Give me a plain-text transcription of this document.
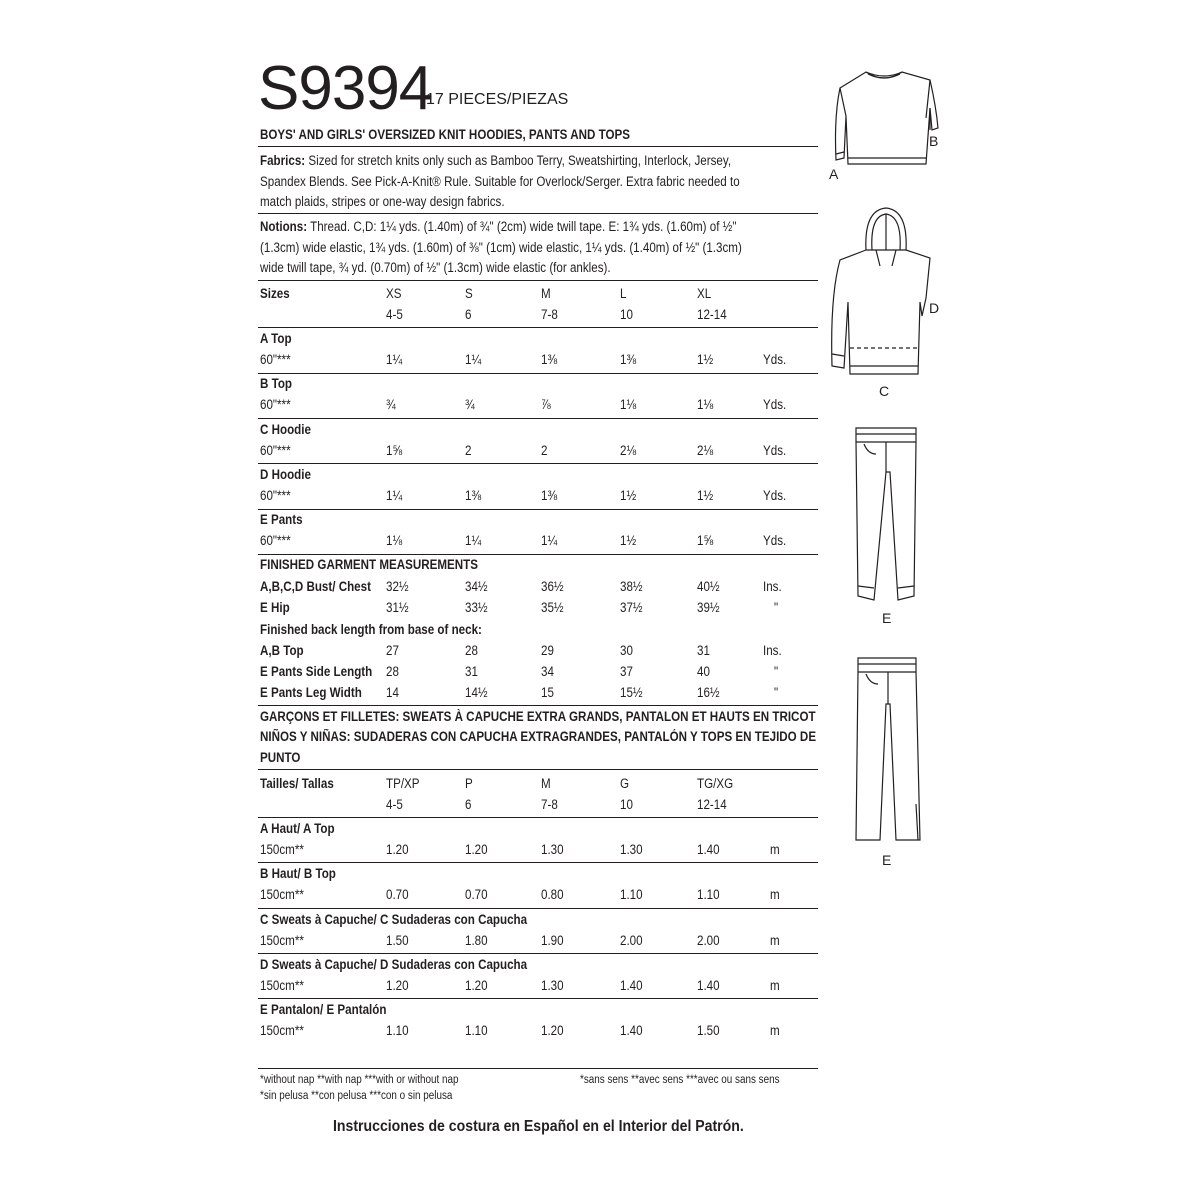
S9394
17 PIECES/PIEZAS
BOYS' AND GIRLS' OVERSIZED KNIT HOODIES, PANTS AND TOPS
Fabrics: Sized for stretch knits only such as Bamboo Terry, Sweatshirting, Interlock, Jersey,
Spandex Blends. See Pick-A-Knit® Rule. Suitable for Overlock/Serger. Extra fabric needed to
match plaids, stripes or one-way design fabrics.
Notions: Thread. C,D: 1¼ yds. (1.40m) of ¾" (2cm) wide twill tape. E: 1¾ yds. (1.60m) of ½"
(1.3cm) wide elastic, 1¾ yds. (1.60m) of ⅜" (1cm) wide elastic, 1¼ yds. (1.40m) of ½" (1.3cm)
wide twill tape, ¾ yd. (0.70m) of ½" (1.3cm) wide elastic (for ankles).
Sizes	XS	S	M	L	XL
4-5	6	7-8	10	12-14
A Top
60"***	1¼	1¼	1⅜	1⅜	1½	Yds.
B Top
60"***	¾	¾	⅞	1⅛	1⅛	Yds.
C Hoodie
60"***	1⅝	2	2	2⅛	2⅛	Yds.
D Hoodie
60"***	1¼	1⅜	1⅜	1½	1½	Yds.
E Pants
60"***	1⅛	1¼	1¼	1½	1⅝	Yds.
FINISHED GARMENT MEASUREMENTS
A,B,C,D Bust/ Chest 32½	34½	36½	38½	40½	Ins.
E Hip	31½	33½	35½	37½	39½	"
Finished back length from base of neck:
A,B Top	27	28	29	30	31	Ins.
E Pants Side Length 28	31	34	37	40	"
E Pants Leg Width 14	14½	15	15½	16½	"
GARÇONS ET FILLETES: SWEATS À CAPUCHE EXTRA GRANDS, PANTALON ET HAUTS EN TRICOT
NIÑOS Y NIÑAS: SUDADERAS CON CAPUCHA EXTRAGRANDES, PANTALÓN Y TOPS EN TEJIDO DE
PUNTO
Tailles/ Tallas	TP/XP	P	M	G	TG/XG
4-5	6	7-8	10	12-14
A Haut/ A Top
150cm**	1.20	1.20	1.30	1.30	1.40	m
B Haut/ B Top
150cm**	0.70	0.70	0.80	1.10	1.10	m
C Sweats à Capuche/ C Sudaderas con Capucha
150cm**	1.50	1.80	1.90	2.00	2.00	m
D Sweats à Capuche/ D Sudaderas con Capucha
150cm**	1.20	1.20	1.30	1.40	1.40	m
E Pantalon/ E Pantalón
150cm**	1.10	1.10	1.20	1.40	1.50	m
*without nap **with nap ***with or without nap
*sin pelusa **con pelusa ***con o sin pelusa
*sans sens **avec sens ***avec ou sans sens
Instrucciones de costura en Español en el Interior del Patrón.
A
B
D
C
E
E
